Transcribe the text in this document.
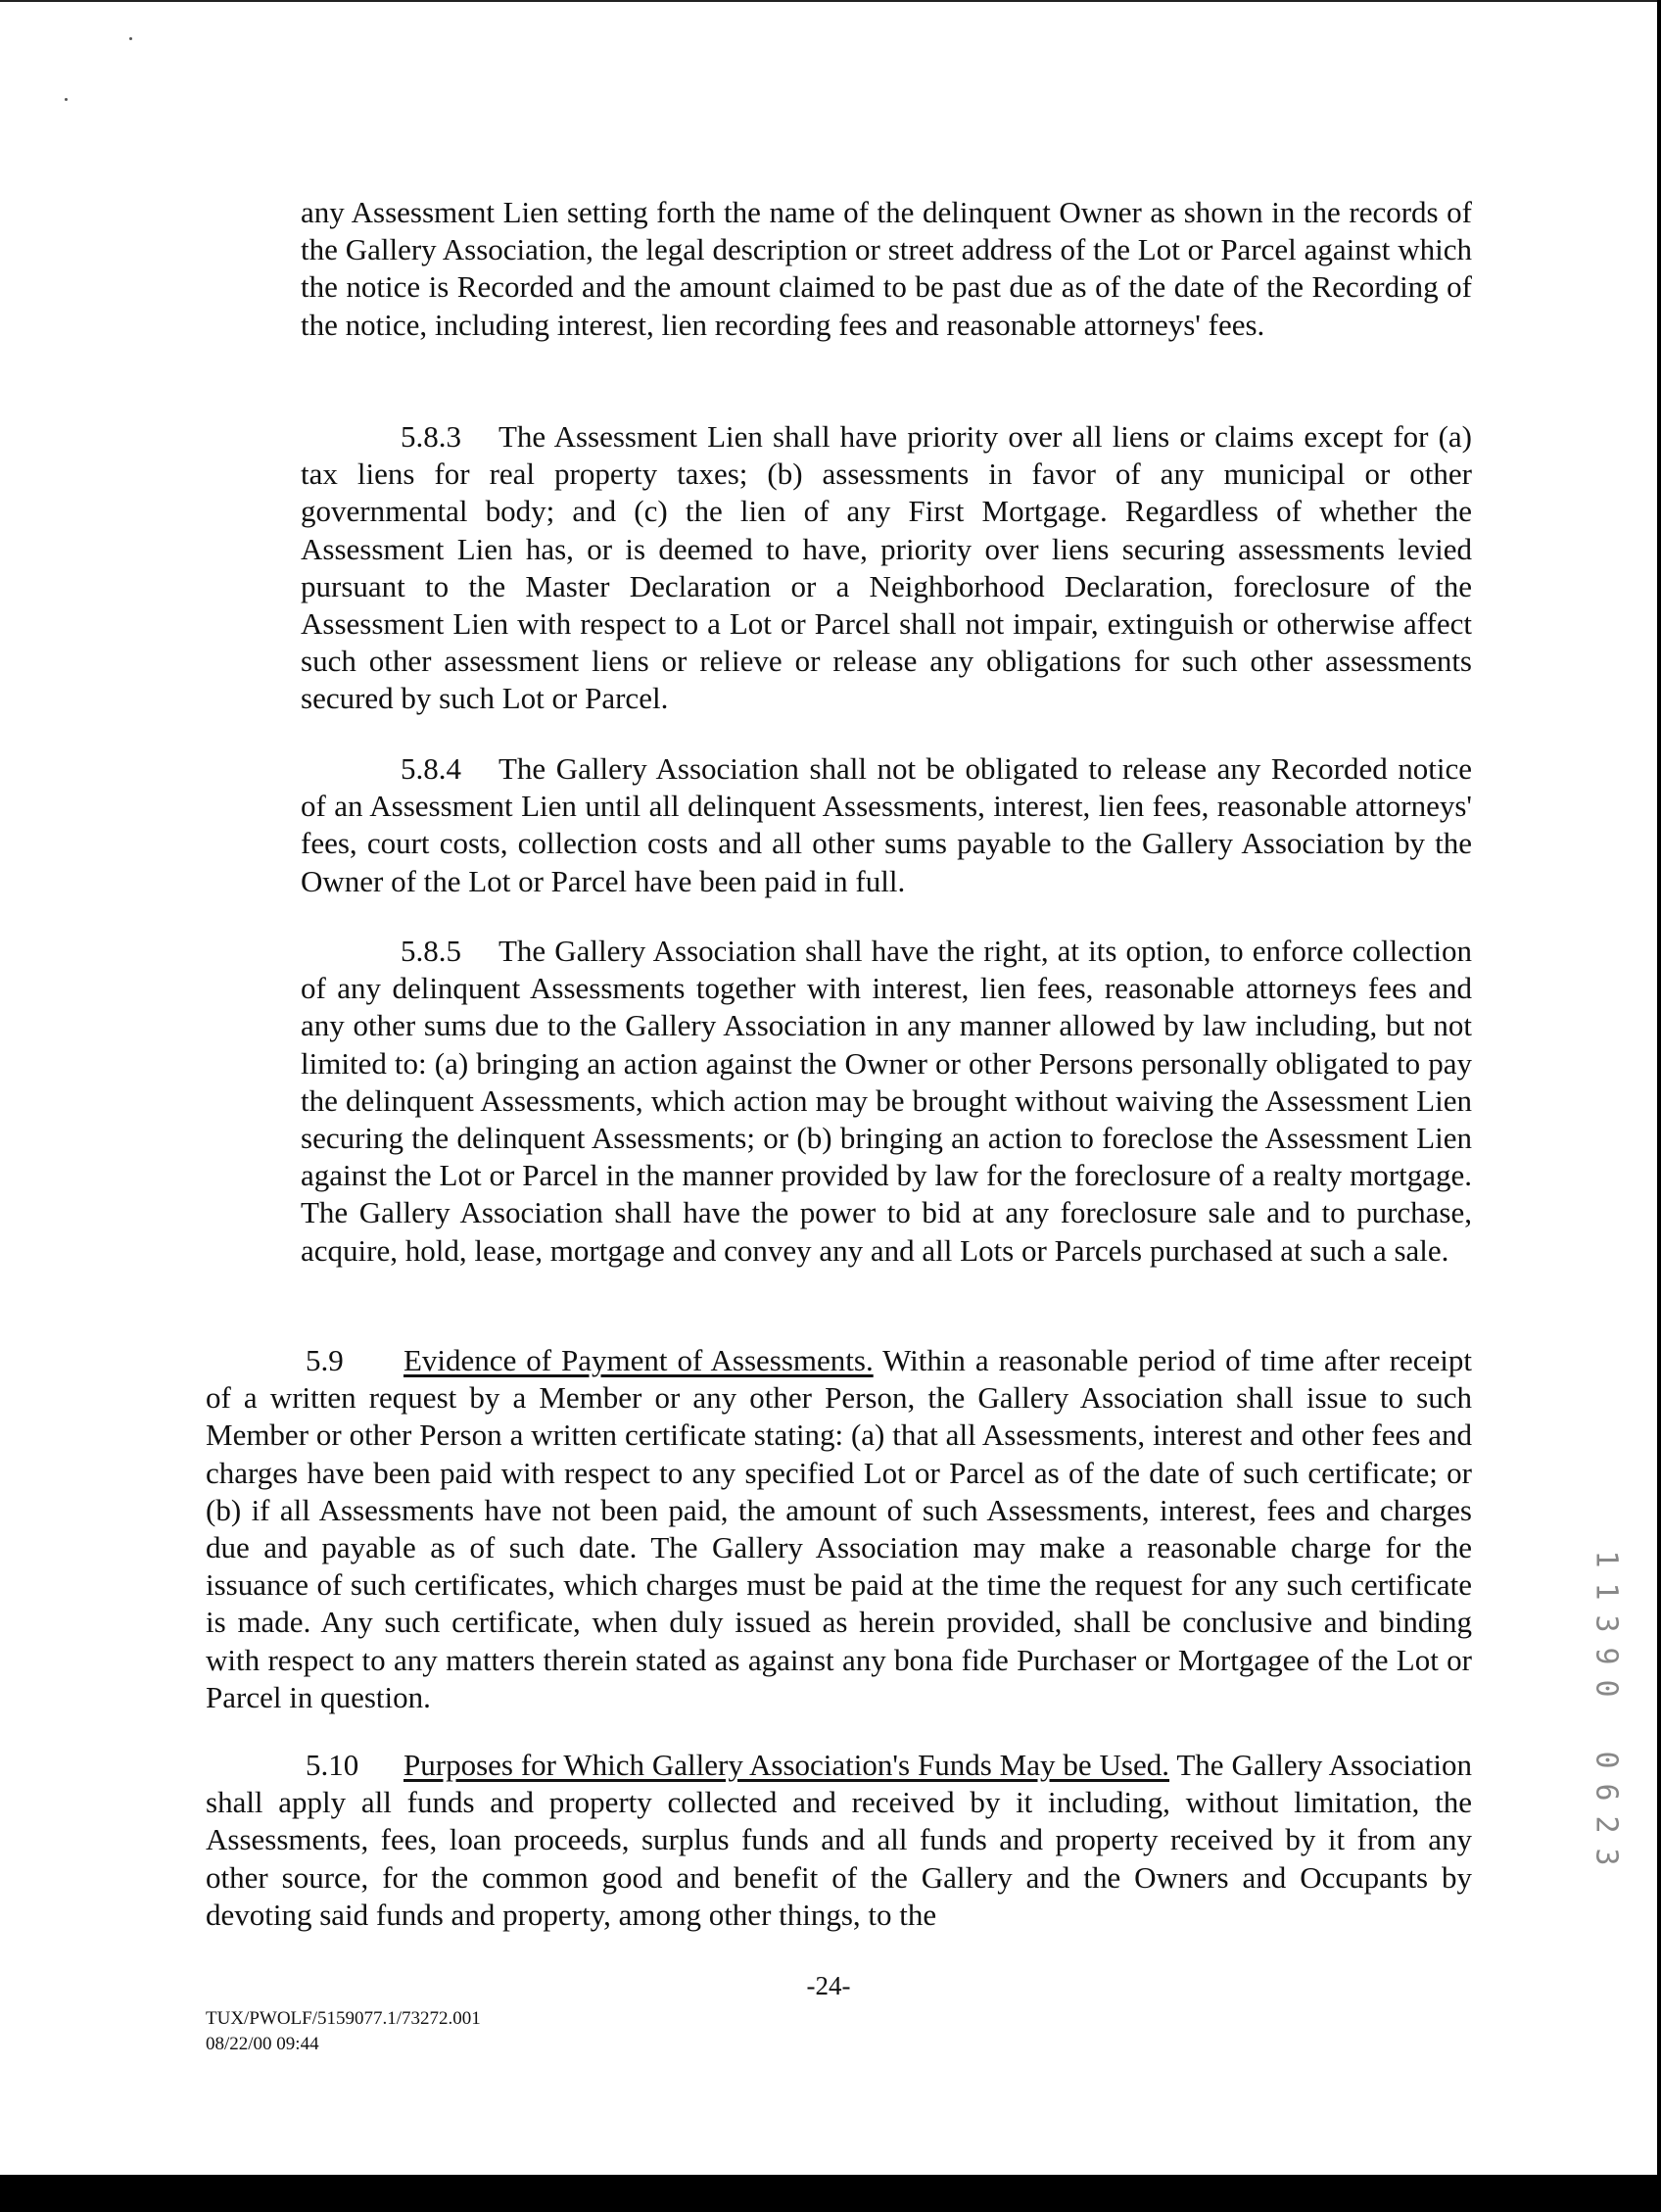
any Assessment Lien setting forth the name of the delinquent Owner as shown in the records of the Gallery Association, the legal description or street address of the Lot or Parcel against which the notice is Recorded and the amount claimed to be past due as of the date of the Recording of the notice, including interest, lien recording fees and reasonable attorneys' fees.

5.8.3 The Assessment Lien shall have priority over all liens or claims except for (a) tax liens for real property taxes; (b) assessments in favor of any municipal or other governmental body; and (c) the lien of any First Mortgage. Regardless of whether the Assessment Lien has, or is deemed to have, priority over liens securing assessments levied pursuant to the Master Declaration or a Neighborhood Declaration, foreclosure of the Assessment Lien with respect to a Lot or Parcel shall not impair, extinguish or otherwise affect such other assessment liens or relieve or release any obligations for such other assessments secured by such Lot or Parcel.

5.8.4 The Gallery Association shall not be obligated to release any Recorded notice of an Assessment Lien until all delinquent Assessments, interest, lien fees, reasonable attorneys' fees, court costs, collection costs and all other sums payable to the Gallery Association by the Owner of the Lot or Parcel have been paid in full.

5.8.5 The Gallery Association shall have the right, at its option, to enforce collection of any delinquent Assessments together with interest, lien fees, reasonable attorneys fees and any other sums due to the Gallery Association in any manner allowed by law including, but not limited to: (a) bringing an action against the Owner or other Persons personally obligated to pay the delinquent Assessments, which action may be brought without waiving the Assessment Lien securing the delinquent Assessments; or (b) bringing an action to foreclose the Assessment Lien against the Lot or Parcel in the manner provided by law for the foreclosure of a realty mortgage. The Gallery Association shall have the power to bid at any foreclosure sale and to purchase, acquire, hold, lease, mortgage and convey any and all Lots or Parcels purchased at such a sale.

5.9 Evidence of Payment of Assessments. Within a reasonable period of time after receipt of a written request by a Member or any other Person, the Gallery Association shall issue to such Member or other Person a written certificate stating: (a) that all Assessments, interest and other fees and charges have been paid with respect to any specified Lot or Parcel as of the date of such certificate; or (b) if all Assessments have not been paid, the amount of such Assessments, interest, fees and charges due and payable as of such date. The Gallery Association may make a reasonable charge for the issuance of such certificates, which charges must be paid at the time the request for any such certificate is made. Any such certificate, when duly issued as herein provided, shall be conclusive and binding with respect to any matters therein stated as against any bona fide Purchaser or Mortgagee of the Lot or Parcel in question.

5.10 Purposes for Which Gallery Association's Funds May be Used. The Gallery Association shall apply all funds and property collected and received by it including, without limitation, the Assessments, fees, loan proceeds, surplus funds and all funds and property received by it from any other source, for the common good and benefit of the Gallery and the Owners and Occupants by devoting said funds and property, among other things, to the

-24-
TUX/PWOLF/5159077.1/73272.001
08/22/00 09:44
1
1
3
9
0
0
6
2
3
